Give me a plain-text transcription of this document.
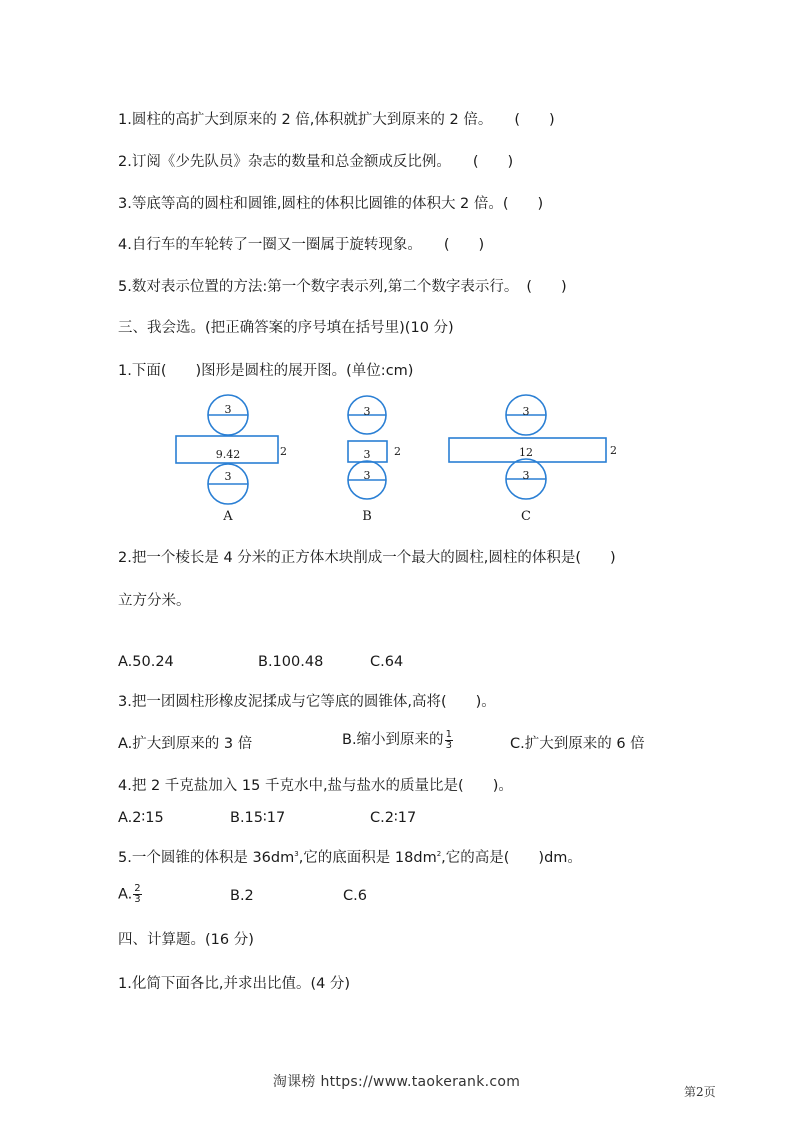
1.圆柱的高扩大到原来的 2 倍,体积就扩大到原来的 2 倍。 (　　)
2.订阅《少先队员》杂志的数量和总金额成反比例。 (　　)
3.等底等高的圆柱和圆锥,圆柱的体积比圆锥的体积大 2 倍。(　　)
4.自行车的车轮转了一圈又一圈属于旋转现象。 (　　)
5.数对表示位置的方法:第一个数字表示列,第二个数字表示行。 (　　)
三、我会选。(把正确答案的序号填在括号里)(10 分)
1.下面(　　)图形是圆柱的展开图。(单位:cm)
3
9.42
3
2
A
3
3
3
2
B
3
12
3
2
C
2.把一个棱长是 4 分米的正方体木块削成一个最大的圆柱,圆柱的体积是(　　)
立方分米。
A.50.24	B.100.48	C.64
3.把一团圆柱形橡皮泥揉成与它等底的圆锥体,高将(　　)。
A.扩大到原来的 3 倍	B.缩小到原来的 $\frac{1}{3}$	C.扩大到原来的 6 倍
4.把 2 千克盐加入 15 千克水中,盐与盐水的质量比是(　　)。
A.2∶15	B.15∶17	C.2∶17
5.一个圆锥的体积是 $36dm^3$,它的底面积是 $18dm^2$,它的高是(　　)dm。
A. $\frac{2}{3}$	B.2	C.6
四、计算题。(16 分)
1.化简下面各比,并求出比值。(4 分)
淘课榜 https://www.taokerank.com
第2页
